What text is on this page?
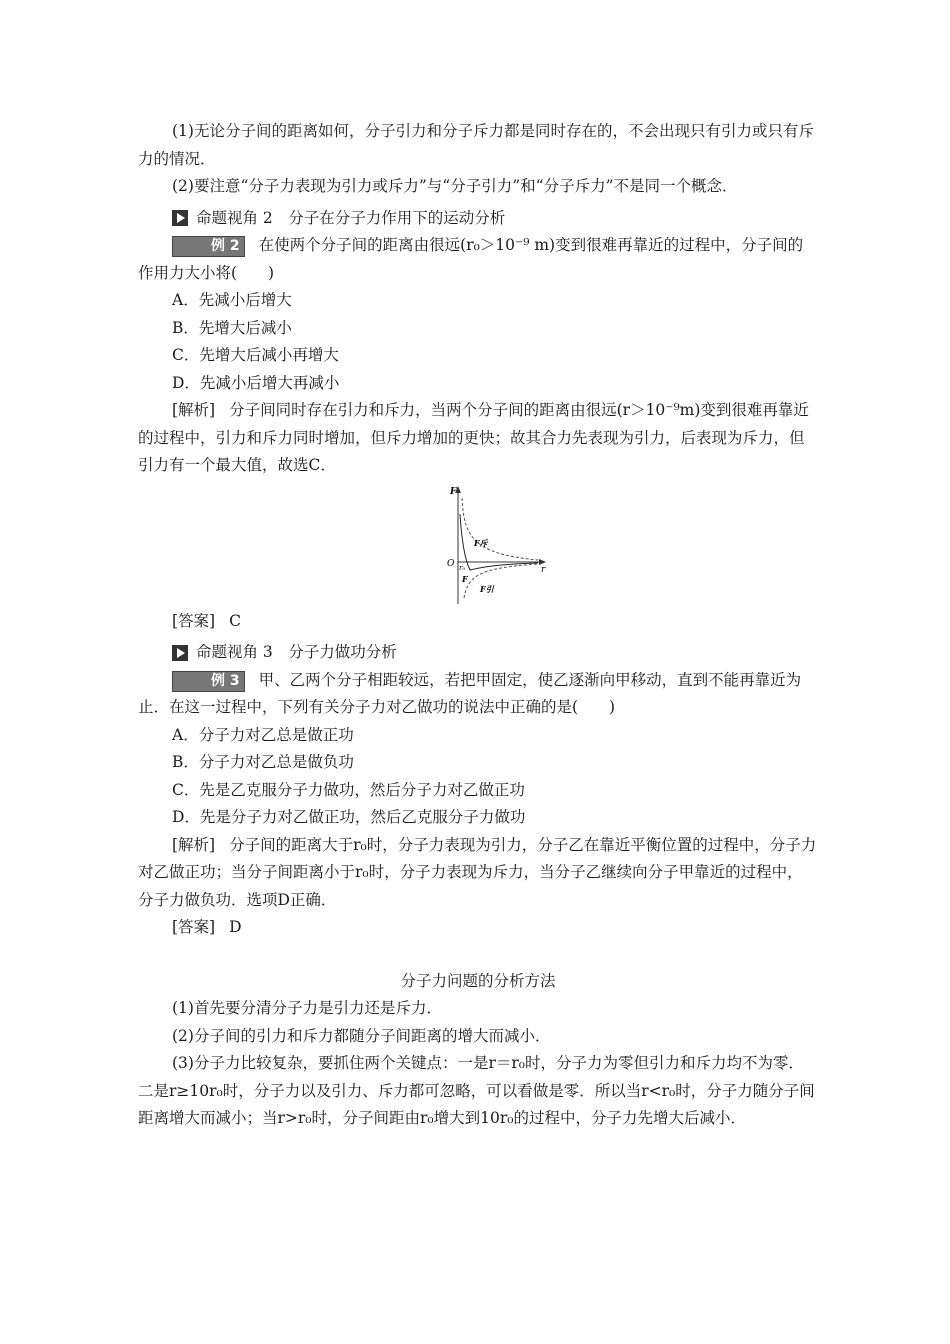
(1)无论分子间的距离如何，分子引力和分子斥力都是同时存在的，不会出现只有引力或只有斥力的情况．

(2)要注意“分子力表现为引力或斥力”与“分子引力”和“分子斥力”不是同一个概念．

命题视角 2　分子在分子力作用下的运动分析

例 2 在使两个分子间的距离由很远(r₀＞10⁻⁹ m)变到很难再靠近的过程中，分子间的作用力大小将(　　)

A．先减小后增大

B．先增大后减小

C．先增大后减小再增大

D．先减小后增大再减小

[解析] 分子间同时存在引力和斥力，当两个分子间的距离由很远(r＞10⁻⁹m)变到很难再靠近的过程中，引力和斥力同时增加，但斥力增加的更快；故其合力先表现为引力，后表现为斥力，但引力有一个最大值，故选C．

F
r
O r₀
F斥
F
F引

[答案] C

命题视角 3　分子力做功分析

例 3 甲、乙两个分子相距较远，若把甲固定，使乙逐渐向甲移动，直到不能再靠近为止．在这一过程中，下列有关分子力对乙做功的说法中正确的是(　　)

A．分子力对乙总是做正功

B．分子力对乙总是做负功

C．先是乙克服分子力做功，然后分子力对乙做正功

D．先是分子力对乙做正功，然后乙克服分子力做功

[解析] 分子间的距离大于r₀时，分子力表现为引力，分子乙在靠近平衡位置的过程中，分子力对乙做正功；当分子间距离小于r₀时，分子力表现为斥力，当分子乙继续向分子甲靠近的过程中，分子力做负功．选项D正确．

[答案] D

分子力问题的分析方法

(1)首先要分清分子力是引力还是斥力．

(2)分子间的引力和斥力都随分子间距离的增大而减小．

(3)分子力比较复杂，要抓住两个关键点：一是r＝r₀时，分子力为零但引力和斥力均不为零．二是r≥10r₀时，分子力以及引力、斥力都可忽略，可以看做是零．所以当r<r₀时，分子力随分子间距离增大而减小；当r>r₀时，分子间距由r₀增大到10r₀的过程中，分子力先增大后减小．
